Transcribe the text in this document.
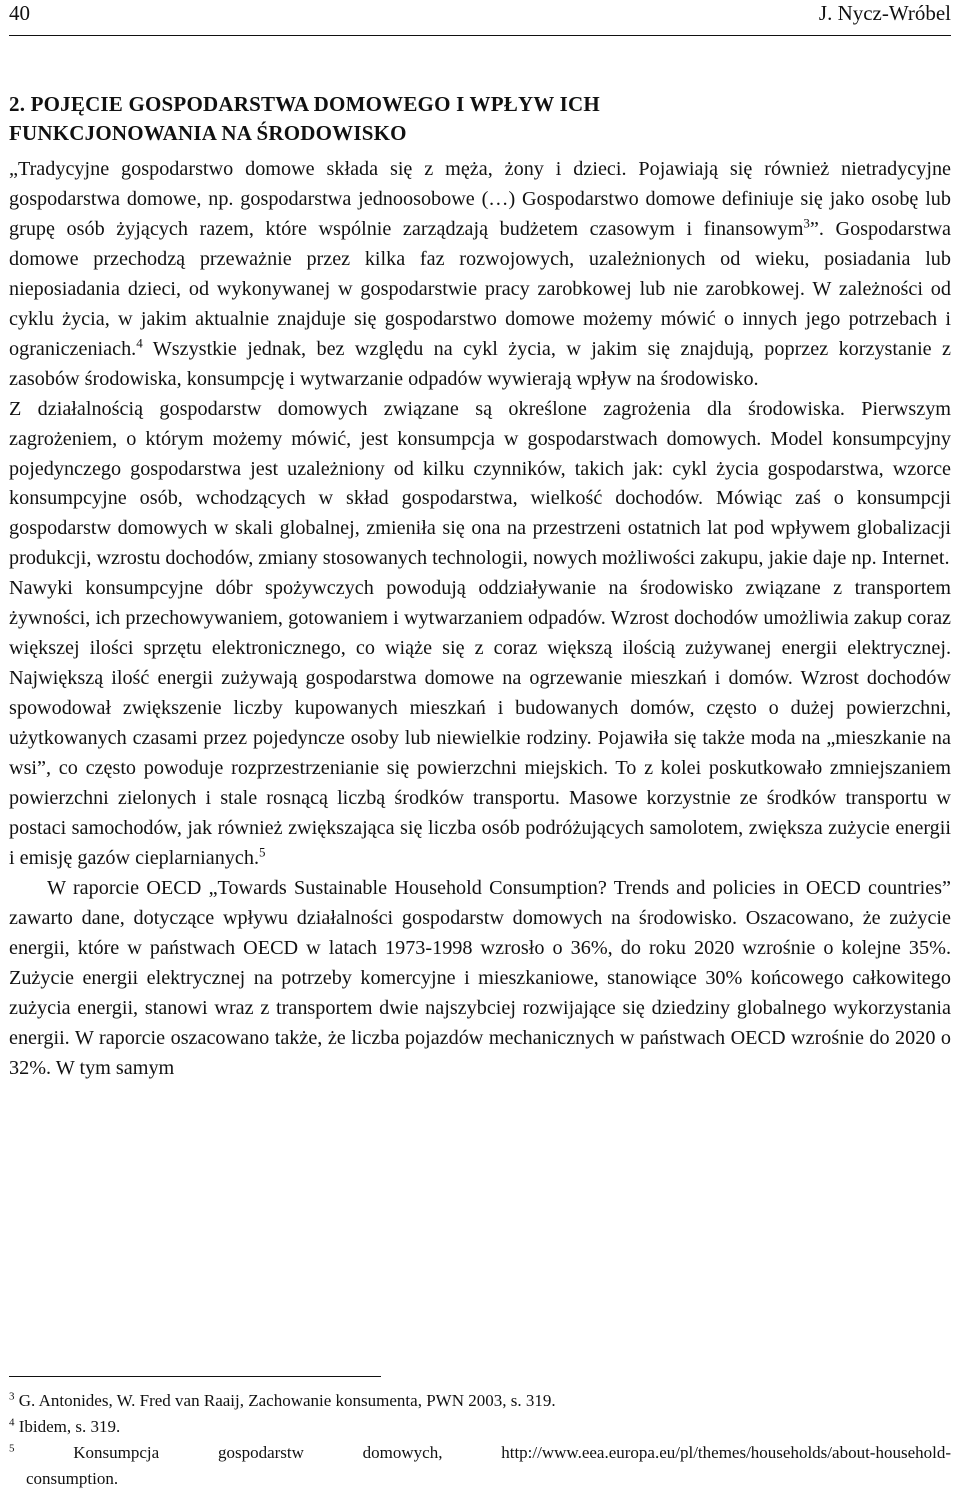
40	J. Nycz-Wróbel
2. POJĘCIE GOSPODARSTWA DOMOWEGO I WPŁYW ICH
FUNKCJONOWANIA NA ŚRODOWISKO

„Tradycyjne gospodarstwo domowe składa się z męża, żony i dzieci. Pojawiają się również nietradycyjne gospodarstwa domowe, np. gospodarstwa jednoosobowe (…) Gospodarstwo domowe definiuje się jako osobę lub grupę osób żyjących razem, które wspólnie zarządzają budżetem czasowym i finansowym$^3$”. Gospodarstwa domowe przechodzą przeważnie przez kilka faz rozwojowych, uzależnionych od wieku, posiadania lub nieposiadania dzieci, od wykonywanej w gospodarstwie pracy zarobkowej lub nie zarobkowej. W zależności od cyklu życia, w jakim aktualnie znajduje się gospodarstwo domowe możemy mówić o innych jego potrzebach i ograniczeniach.$^4$ Wszystkie jednak, bez względu na cykl życia, w jakim się znajdują, poprzez korzystanie z zasobów środowiska, konsumpcję i wytwarzanie odpadów wywierają wpływ na środowisko.

Z działalnością gospodarstw domowych związane są określone zagrożenia dla środowiska. Pierwszym zagrożeniem, o którym możemy mówić, jest konsumpcja w gospodarstwach domowych. Model konsumpcyjny pojedynczego gospodarstwa jest uzależniony od kilku czynników, takich jak: cykl życia gospodarstwa, wzorce konsumpcyjne osób, wchodzących w skład gospodarstwa, wielkość dochodów. Mówiąc zaś o konsumpcji gospodarstw domowych w skali globalnej, zmieniła się ona na przestrzeni ostatnich lat pod wpływem globalizacji produkcji, wzrostu dochodów, zmiany stosowanych technologii, nowych możliwości zakupu, jakie daje np. Internet.

Nawyki konsumpcyjne dóbr spożywczych powodują oddziaływanie na środowisko związane z transportem żywności, ich przechowywaniem, gotowaniem i wytwarzaniem odpadów. Wzrost dochodów umożliwia zakup coraz większej ilości sprzętu elektronicznego, co wiąże się z coraz większą ilością zużywanej energii elektrycznej. Największą ilość energii zużywają gospodarstwa domowe na ogrzewanie mieszkań i domów. Wzrost dochodów spowodował zwiększenie liczby kupowanych mieszkań i budowanych domów, często o dużej powierzchni, użytkowanych czasami przez pojedyncze osoby lub niewielkie rodziny. Pojawiła się także moda na „mieszkanie na wsi”, co często powoduje rozprzestrzenianie się powierzchni miejskich. To z kolei poskutkowało zmniejszaniem powierzchni zielonych i stale rosnącą liczbą środków transportu. Masowe korzystnie ze środków transportu w postaci samochodów, jak również zwiększająca się liczba osób podróżujących samolotem, zwiększa zużycie energii i emisję gazów cieplarnianych.$^5$

W raporcie OECD „Towards Sustainable Household Consumption? Trends and policies in OECD countries” zawarto dane, dotyczące wpływu działalności gospodarstw domowych na środowisko. Oszacowano, że zużycie energii, które w państwach OECD w latach 1973-1998 wzrosło o 36%, do roku 2020 wzrośnie o kolejne 35%. Zużycie energii elektrycznej na potrzeby komercyjne i mieszkaniowe, stanowiące 30% końcowego całkowitego zużycia energii, stanowi wraz z transportem dwie najszybciej rozwijające się dziedziny globalnego wykorzystania energii. W raporcie oszacowano także, że liczba pojazdów mechanicznych w państwach OECD wzrośnie do 2020 o 32%. W tym samym

$^3$ G. Antonides, W. Fred van Raaij, Zachowanie konsumenta, PWN 2003, s. 319.

$^4$ Ibidem, s. 319.

$^5$ Konsumpcja gospodarstw domowych, http://www.eea.europa.eu/pl/themes/households/about-household-
consumption.
